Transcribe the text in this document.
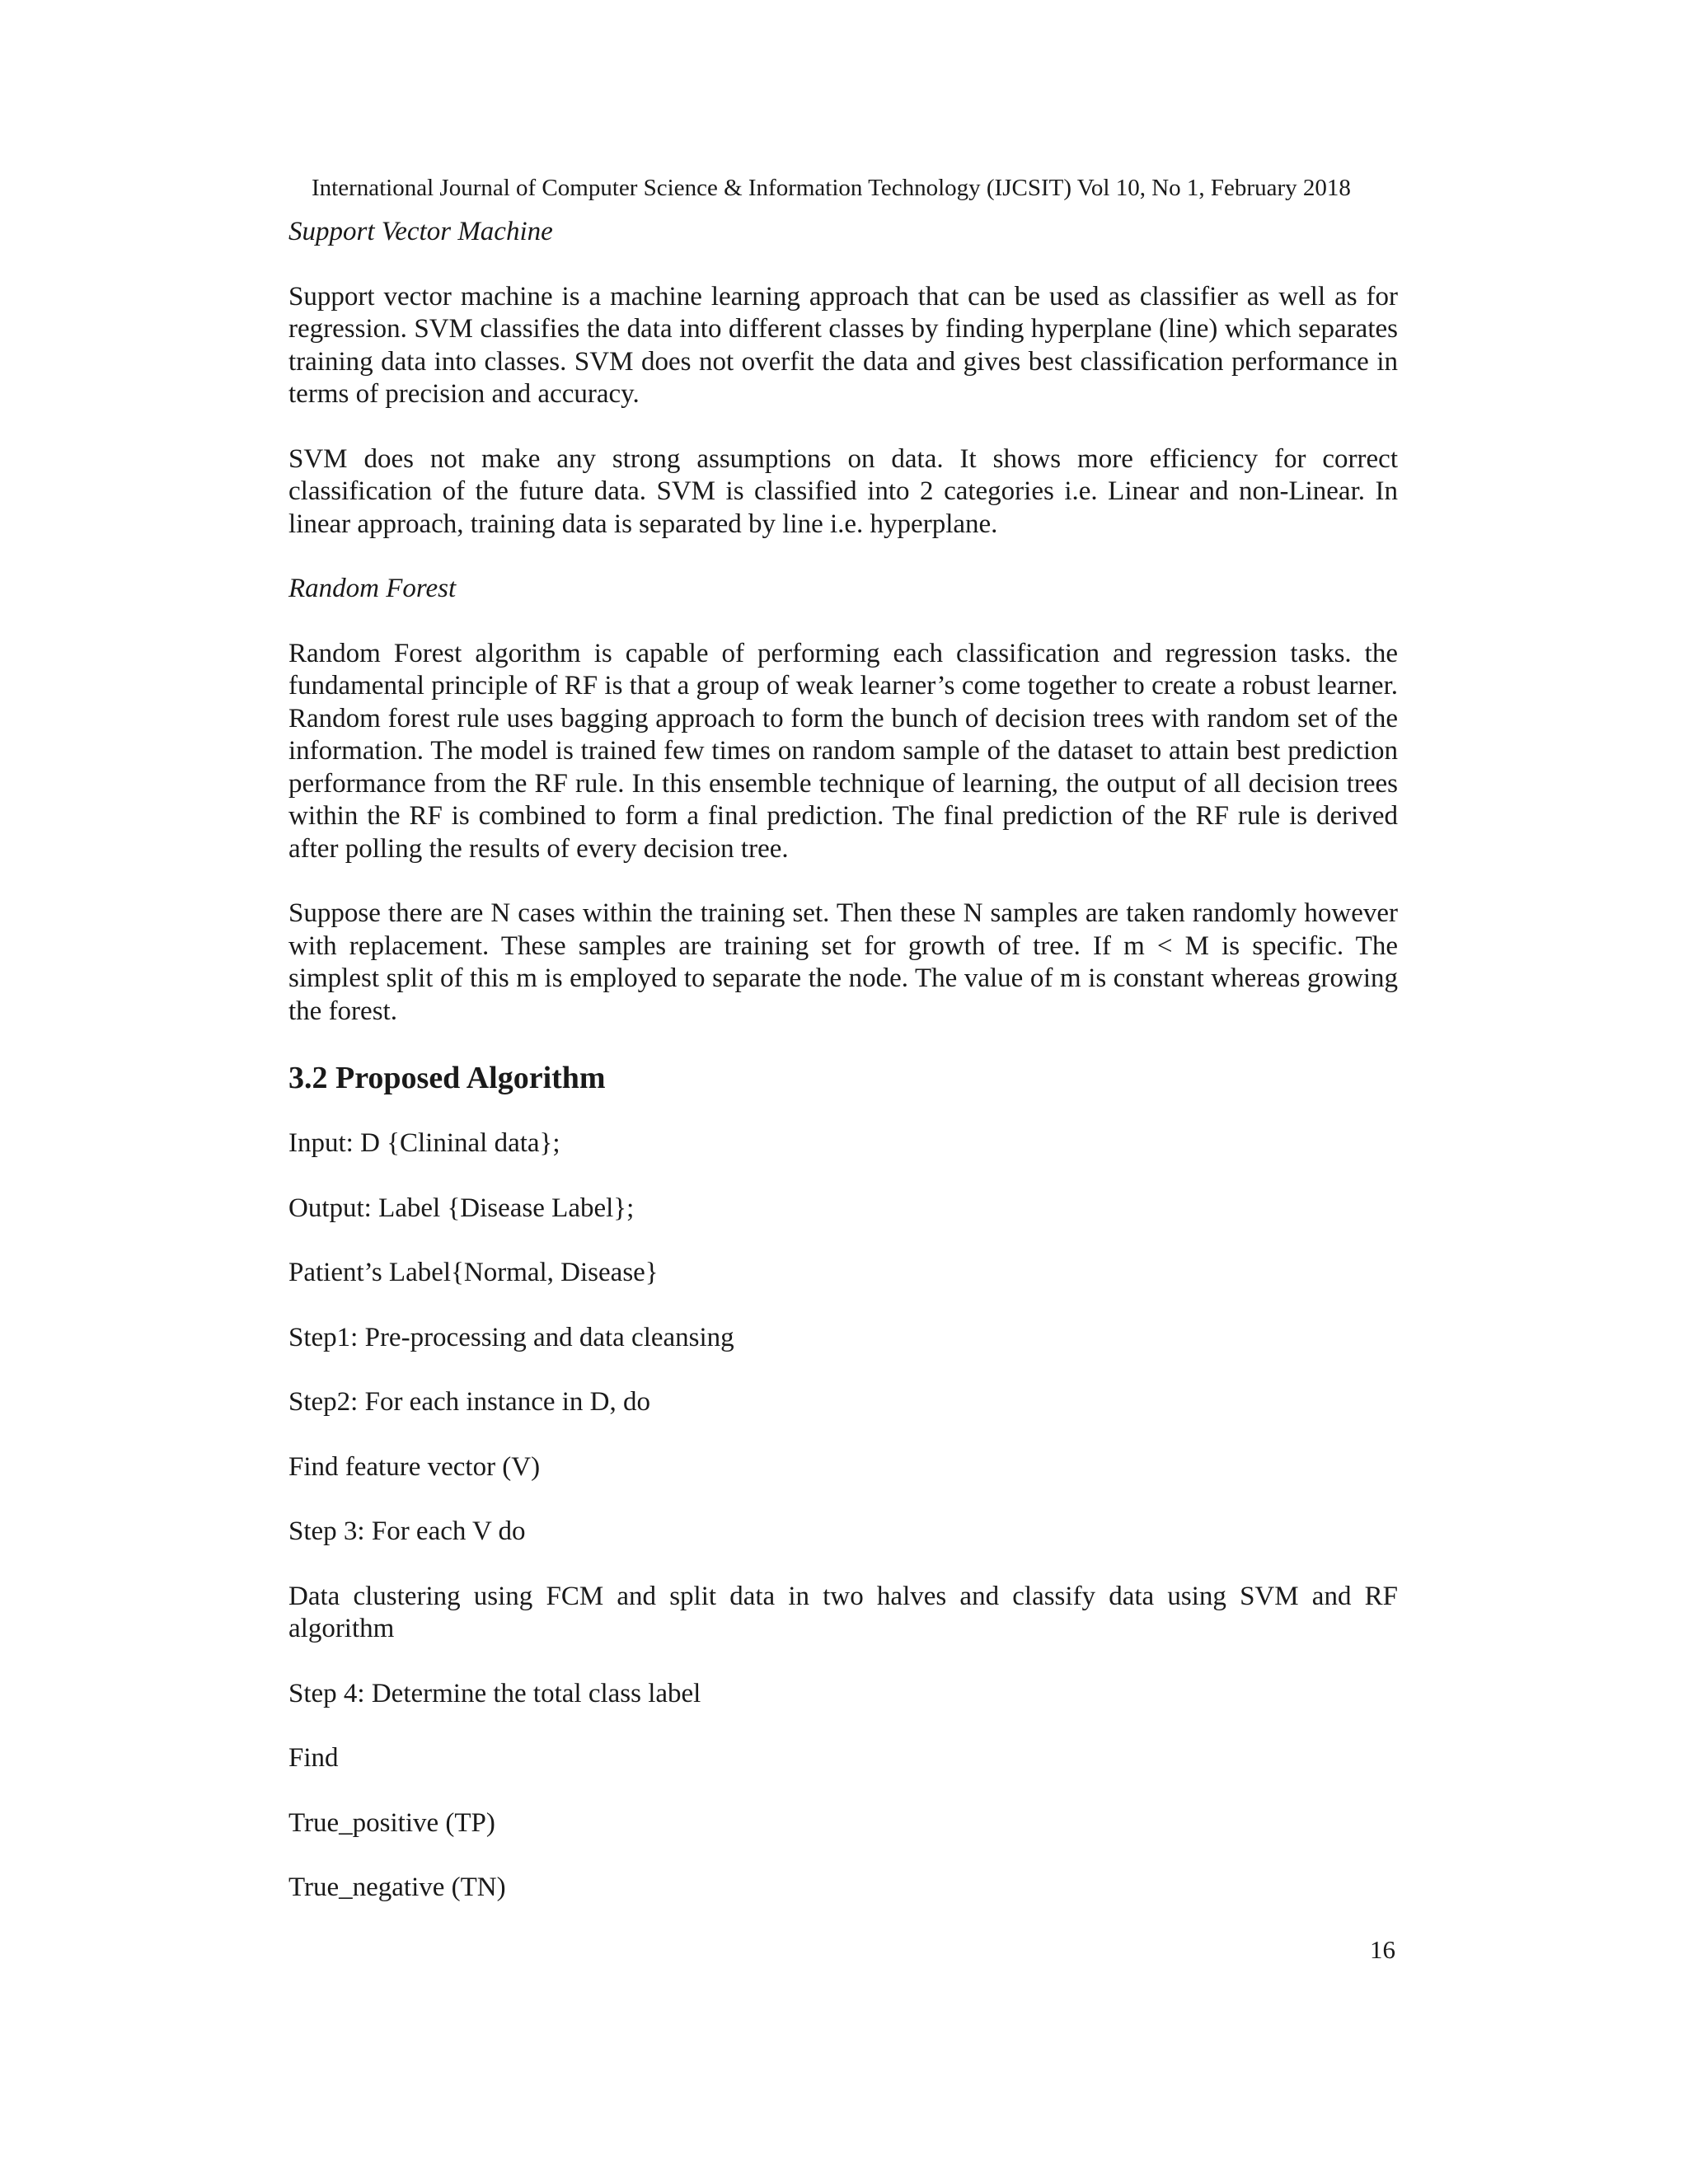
International Journal of Computer Science & Information Technology (IJCSIT) Vol 10, No 1, February 2018
Support Vector Machine

Support vector machine is a machine learning approach that can be used as classifier as well as for regression. SVM classifies the data into different classes by finding hyperplane (line) which separates training data into classes. SVM does not overfit the data and gives best classification performance in terms of precision and accuracy.

SVM does not make any strong assumptions on data. It shows more efficiency for correct classification of the future data. SVM is classified into 2 categories i.e. Linear and non-Linear. In linear approach, training data is separated by line i.e. hyperplane.

Random Forest

Random Forest algorithm is capable of performing each classification and regression tasks. the fundamental principle of RF is that a group of weak learner’s come together to create a robust learner. Random forest rule uses bagging approach to form the bunch of decision trees with random set of the information. The model is trained few times on random sample of the dataset to attain best prediction performance from the RF rule. In this ensemble technique of learning, the output of all decision trees within the RF is combined to form a final prediction. The final prediction of the RF rule is derived after polling the results of every decision tree.

Suppose there are N cases within the training set. Then these N samples are taken randomly however with replacement. These samples are training set for growth of tree. If m < M is specific. The simplest split of this m is employed to separate the node. The value of m is constant whereas growing the forest.

3.2 Proposed Algorithm
Input: D {Clininal data};
Output: Label {Disease Label};
Patient’s Label{Normal, Disease}
Step1: Pre-processing and data cleansing
Step2: For each instance in D, do
Find feature vector (V)
Step 3: For each V do
Data clustering using FCM and split data in two halves and classify data using SVM and RF algorithm
Step 4: Determine the total class label
Find
True_positive (TP)
True_negative (TN)
16
